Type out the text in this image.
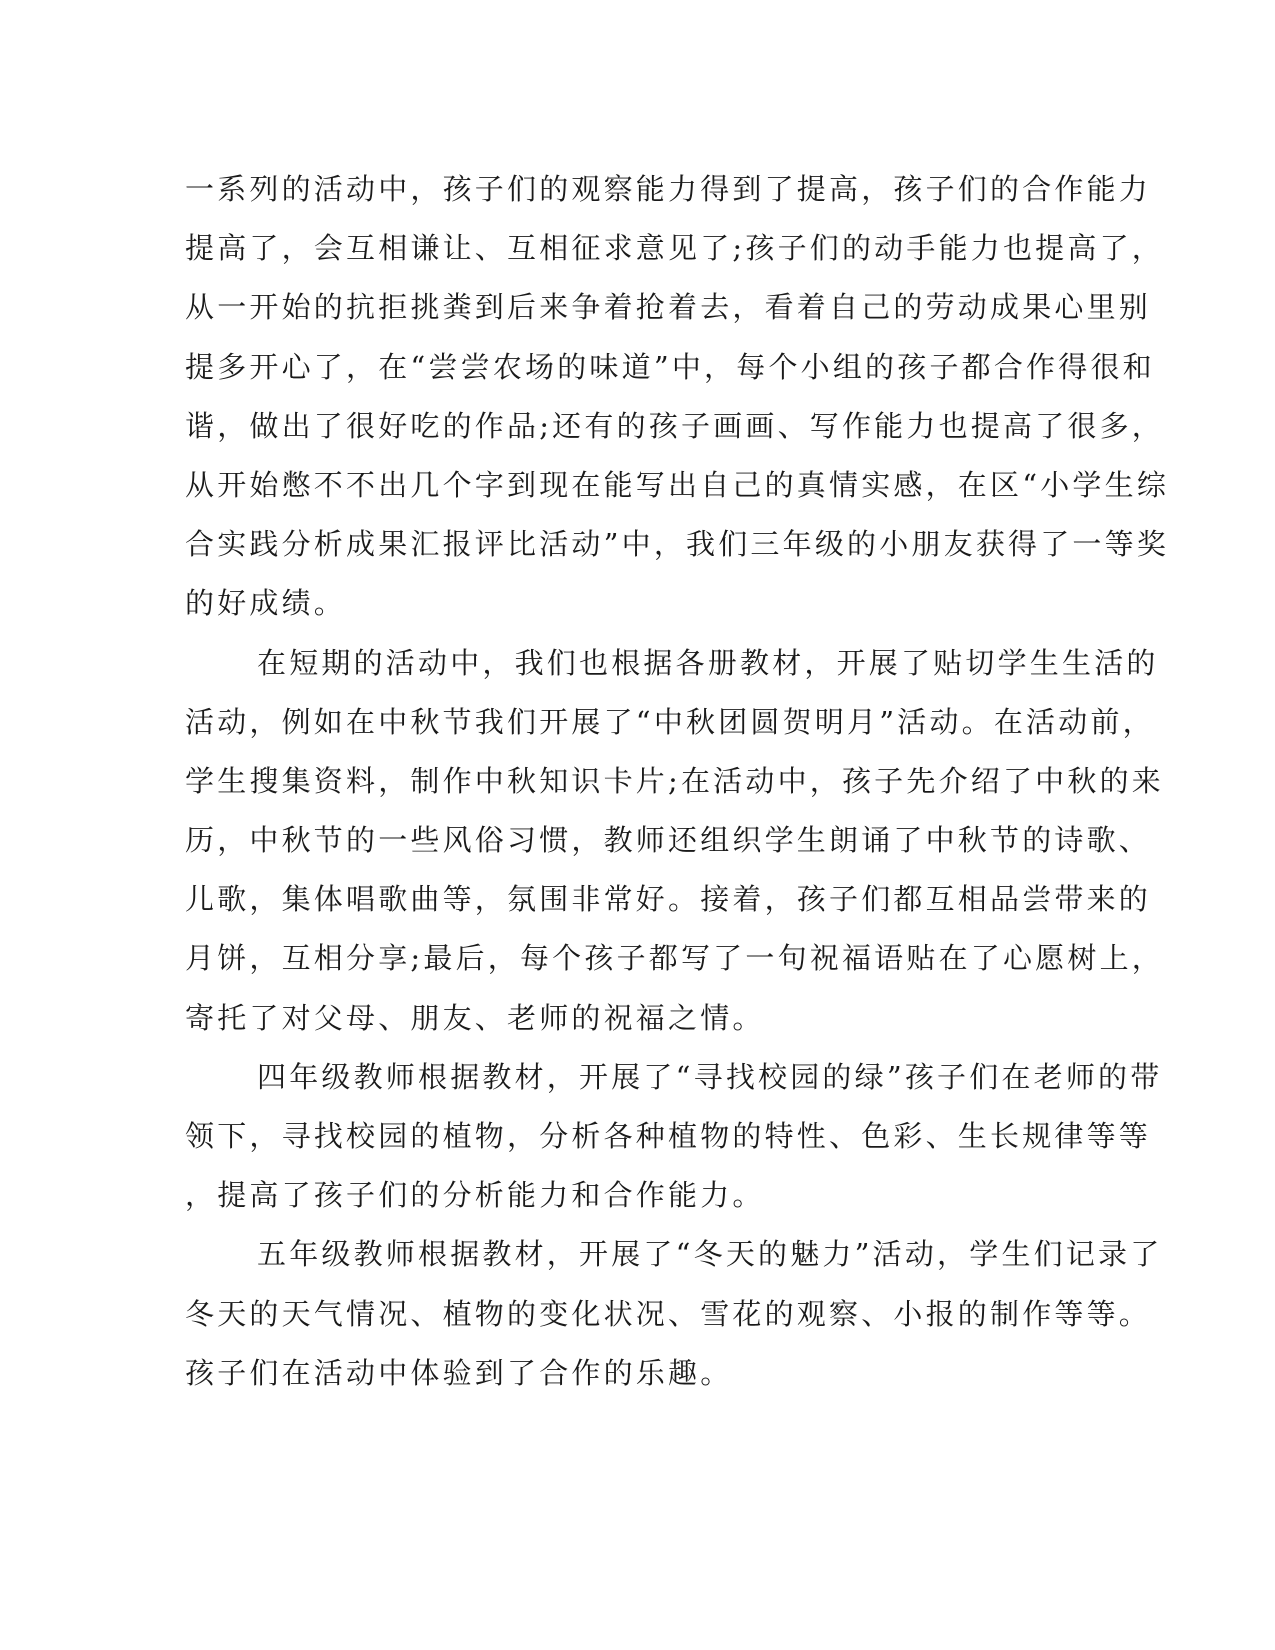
一系列的活动中，孩子们的观察能力得到了提高，孩子们的合作能力
提高了，会互相谦让、互相征求意见了;孩子们的动手能力也提高了，
从一开始的抗拒挑粪到后来争着抢着去，看着自己的劳动成果心里别
提多开心了，在“尝尝农场的味道”中，每个小组的孩子都合作得很和
谐，做出了很好吃的作品;还有的孩子画画、写作能力也提高了很多，
从开始憋不不出几个字到现在能写出自己的真情实感，在区“小学生综
合实践分析成果汇报评比活动”中，我们三年级的小朋友获得了一等奖
的好成绩。
在短期的活动中，我们也根据各册教材，开展了贴切学生生活的
活动，例如在中秋节我们开展了“中秋团圆贺明月”活动。在活动前，
学生搜集资料，制作中秋知识卡片;在活动中，孩子先介绍了中秋的来
历，中秋节的一些风俗习惯，教师还组织学生朗诵了中秋节的诗歌、
儿歌，集体唱歌曲等，氛围非常好。接着，孩子们都互相品尝带来的
月饼，互相分享;最后，每个孩子都写了一句祝福语贴在了心愿树上，
寄托了对父母、朋友、老师的祝福之情。
四年级教师根据教材，开展了“寻找校园的绿”孩子们在老师的带
领下，寻找校园的植物，分析各种植物的特性、色彩、生长规律等等
，提高了孩子们的分析能力和合作能力。
五年级教师根据教材，开展了“冬天的魅力”活动，学生们记录了
冬天的天气情况、植物的变化状况、雪花的观察、小报的制作等等。
孩子们在活动中体验到了合作的乐趣。
